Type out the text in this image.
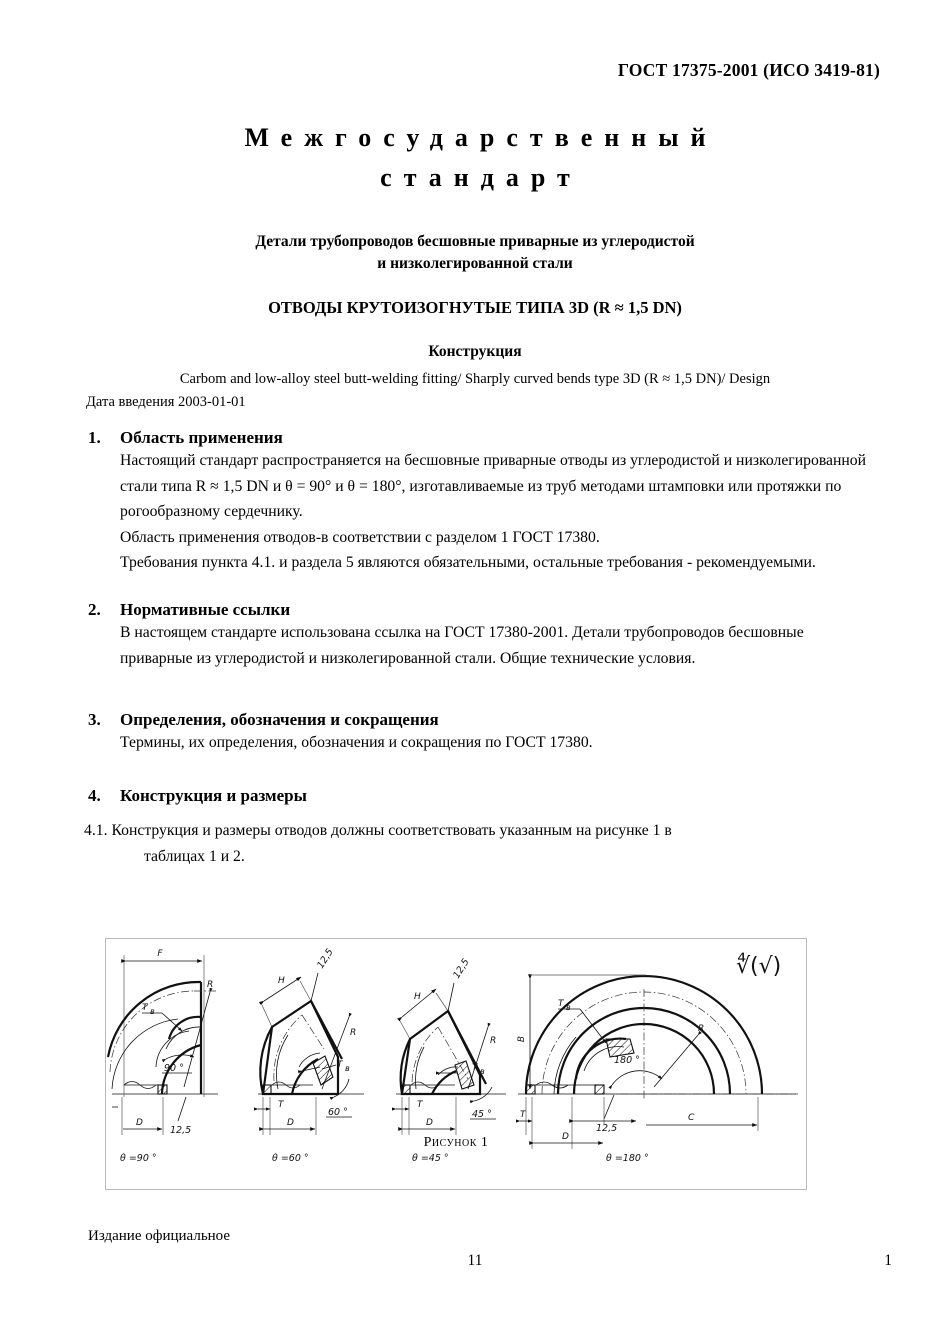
ГОСТ 17375-2001 (ИСО 3419-81)
Межгосударственный
стандарт
Детали трубопроводов бесшовные приварные из углеродистой
и низколегированной стали
ОТВОДЫ КРУТОИЗОГНУТЫЕ ТИПА 3D (R ≈ 1,5 DN)
Конструкция
Carbom and low-alloy steel butt-welding fitting/ Sharply curved bends type 3D (R ≈ 1,5 DN)/ Design
Дата введения 2003-01-01
1.	Область применения

Настоящий стандарт распространяется на бесшовные приварные отводы из углеродистой и низколегированной стали типа R ≈ 1,5 DN и θ = 90° и θ = 180°, изготавливаемые из труб методами штамповки или протяжки по рогообразному сердечнику.

Область применения отводов-в соответствии с разделом 1 ГОСТ 17380.

Требования пункта 4.1. и раздела 5 являются обязательными, остальные требования - рекомендуемыми.

2.	Нормативные ссылки

В настоящем стандарте использована ссылка на ГОСТ 17380-2001. Детали трубопроводов бесшовные приварные из углеродистой и низколегированной стали. Общие технические условия.

3.	Определения, обозначения и сокращения

Термины, их определения, обозначения и сокращения по ГОСТ 17380.

4.	Конструкция и размеры
4.1. Конструкция и размеры отводов должны соответствовать указанным на рисунке 1 в
таблицах 1 и 2.
F
T в
90 °
R
12,5
D
θ =90 °
H
12,5
T в
R
60 °
T
D
θ =60 °
H
12,5
T в
R
45 °
T
D
θ =45 °
B
T в
180 °
R
12,5
T
D
C
θ =180 °
∜(√)
Рисунок 1
Издание официальное
11	1
